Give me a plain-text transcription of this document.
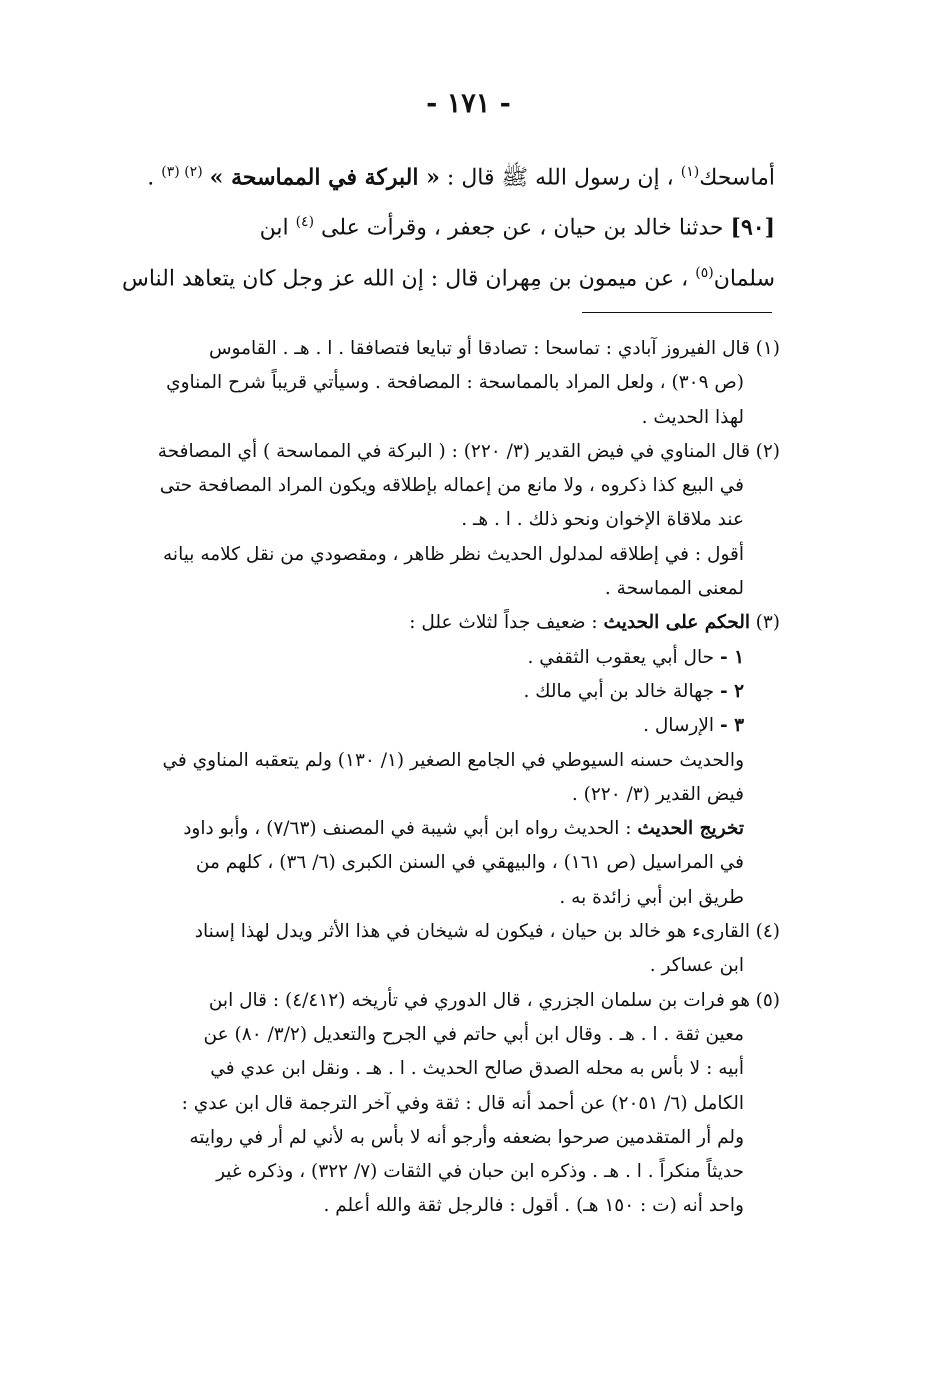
- ١٧١ -

أماسحك$^{(١)}$ ، إن رسول الله ﷺ قال : « البركة في المماسحة » $^{(٢) (٣)}$ .

[٩٠] حدثنا خالد بن حيان ، عن جعفر ، وقرأت على $^{(٤)}$ ابن

سلمان$^{(٥)}$ ، عن ميمون بن مِهران قال : إن الله عز وجل كان يتعاهد الناس

(١)قال الفيروز آبادي : تماسحا : تصادقا أو تبايعا فتصافقا . ا . هـ . القاموس

(ص ٣٠٩) ، ولعل المراد بالمماسحة : المصافحة . وسيأتي قريباً شرح المناوي

لهذا الحديث .

(٢)قال المناوي في فيض القدير (٣/ ٢٢٠) : ( البركة في المماسحة ) أي المصافحة

في البيع كذا ذكروه ، ولا مانع من إعماله بإطلاقه ويكون المراد المصافحة حتى

عند ملاقاة الإخوان ونحو ذلك . ا . هـ .

أقول : في إطلاقه لمدلول الحديث نظر ظاهر ، ومقصودي من نقل كلامه بيانه

لمعنى المماسحة .

(٣)الحكم على الحديث : ضعيف جداً لثلاث علل :

١ - حال أبي يعقوب الثقفي .

٢ - جهالة خالد بن أبي مالك .

٣ - الإرسال .

والحديث حسنه السيوطي في الجامع الصغير (١/ ١٣٠) ولم يتعقبه المناوي في

فيض القدير (٣/ ٢٢٠) .

تخريج الحديث : الحديث رواه ابن أبي شيبة في المصنف (٧/٦٣) ، وأبو داود

في المراسيل (ص ١٦١) ، والبيهقي في السنن الكبرى (٦/ ٣٦) ، كلهم من

طريق ابن أبي زائدة به .

(٤)القارىء هو خالد بن حيان ، فيكون له شيخان في هذا الأثر ويدل لهذا إسناد

ابن عساكر .

(٥)هو فرات بن سلمان الجزري ، قال الدوري في تأريخه (٤/٤١٢) : قال ابن

معين ثقة . ا . هـ . وقال ابن أبي حاتم في الجرح والتعديل (٣/٢/ ٨٠) عن

أبيه : لا بأس به محله الصدق صالح الحديث . ا . هـ . ونقل ابن عدي في

الكامل (٦/ ٢٠٥١) عن أحمد أنه قال : ثقة وفي آخر الترجمة قال ابن عدي :

ولم أر المتقدمين صرحوا بضعفه وأرجو أنه لا بأس به لأني لم أر في روايته

حديثاً منكراً . ا . هـ . وذكره ابن حبان في الثقات (٧/ ٣٢٢) ، وذكره غير

واحد أنه (ت : ١٥٠ هـ) . أقول : فالرجل ثقة والله أعلم .
